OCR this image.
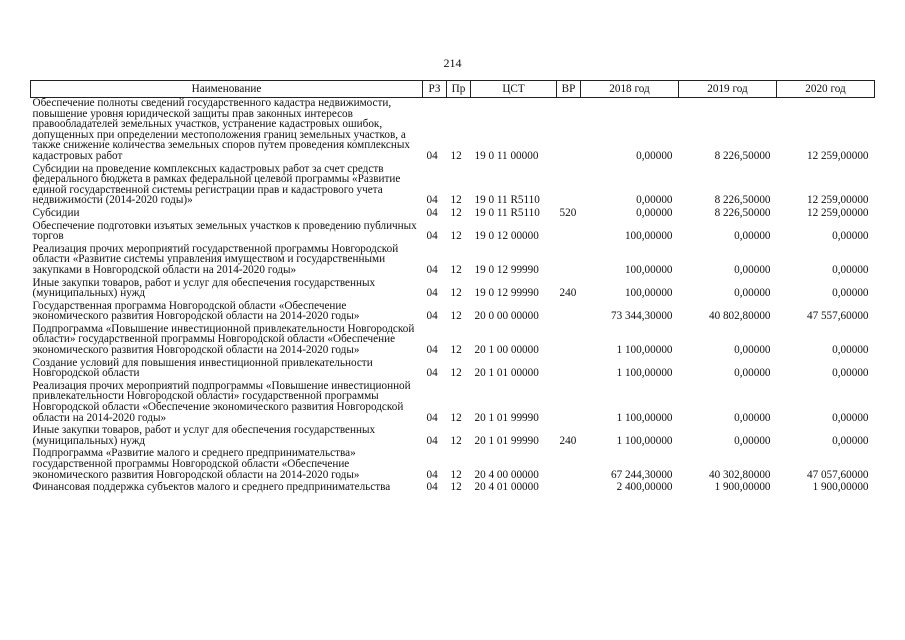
214
Наименование	РЗ	Пр	ЦСТ	ВР	2018 год	2019 год	2020 год
Обеспечение полноты сведений государственного кадастра недвижимости, повышение уровня юридической защиты прав законных интересов правообладателей земельных участков, устранение кадастровых ошибок, допущенных при определении местоположения границ земельных участков, а также снижение количества земельных споров путем проведения комплексных кадастровых работ	04	12	19 0 11 00000		0,00000	8 226,50000	12 259,00000
Субсидии на проведение комплексных кадастровых работ за счет средств федерального бюджета в рамках федеральной целевой программы «Развитие единой государственной системы регистрации прав и кадастрового учета недвижимости (2014-2020 годы)»	04	12	19 0 11 R5110		0,00000	8 226,50000	12 259,00000
Субсидии	04	12	19 0 11 R5110	520	0,00000	8 226,50000	12 259,00000
Обеспечение подготовки изъятых земельных участков к проведению публичных торгов	04	12	19 0 12 00000		100,00000	0,00000	0,00000
Реализация прочих мероприятий государственной программы Новгородской области «Развитие системы управления имуществом и государственными закупками в Новгородской области на 2014-2020 годы»	04	12	19 0 12 99990		100,00000	0,00000	0,00000
Иные закупки товаров, работ и услуг для обеспечения государственных (муниципальных) нужд	04	12	19 0 12 99990	240	100,00000	0,00000	0,00000
Государственная программа Новгородской области «Обеспечение экономического развития Новгородской области на 2014-2020 годы»	04	12	20 0 00 00000		73 344,30000	40 802,80000	47 557,60000
Подпрограмма «Повышение инвестиционной привлекательности Новгородской области» государственной программы Новгородской области «Обеспечение экономического развития Новгородской области на 2014-2020 годы»	04	12	20 1 00 00000		1 100,00000	0,00000	0,00000
Создание условий для повышения инвестиционной привлекательности Новгородской области	04	12	20 1 01 00000		1 100,00000	0,00000	0,00000
Реализация прочих мероприятий подпрограммы «Повышение инвестиционной привлекательности Новгородской области» государственной программы Новгородской области «Обеспечение экономического развития Новгородской области на 2014-2020 годы»	04	12	20 1 01 99990		1 100,00000	0,00000	0,00000
Иные закупки товаров, работ и услуг для обеспечения государственных (муниципальных) нужд	04	12	20 1 01 99990	240	1 100,00000	0,00000	0,00000
Подпрограмма «Развитие малого и среднего предпринимательства» государственной программы Новгородской области «Обеспечение экономического развития Новгородской области на 2014-2020 годы»	04	12	20 4 00 00000		67 244,30000	40 302,80000	47 057,60000
Финансовая поддержка субъектов малого и среднего предпринимательства	04	12	20 4 01 00000		2 400,00000	1 900,00000	1 900,00000
